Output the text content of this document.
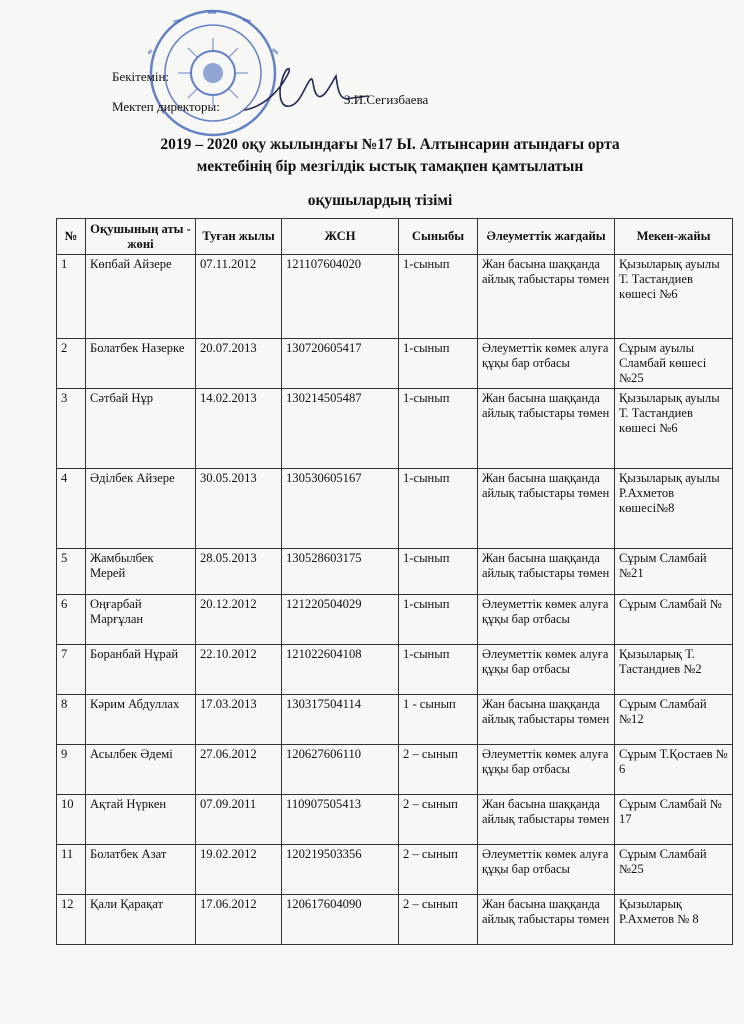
Бекітемін:
Мектеп директоры:	З.И.Сегизбаева
2019 – 2020 оқу жылындағы №17 Ы. Алтынсарин атындағы орта
мектебінің бір мезгілдік ыстық тамақпен қамтылатын
оқушылардың тізімі
№	Оқушының аты - жөні	Туған жылы	ЖСН	Сыныбы	Әлеуметтік жағдайы	Мекен-жайы
1	Көпбай Айзере	07.11.2012	121107604020	1-сынып	Жан басына шаққанда айлық табыстары төмен	Қызыларық ауылы Т. Тастандиев көшесі №6
2	Болатбек Назерке	20.07.2013	130720605417	1-сынып	Әлеуметтік көмек алуға құқы бар отбасы	Сұрым ауылы Сламбай көшесі №25
3	Сәтбай Нұр	14.02.2013	130214505487	1-сынып	Жан басына шаққанда айлық табыстары төмен	Қызыларық ауылы Т. Тастандиев көшесі №6
4	Әділбек Айзере	30.05.2013	130530605167	1-сынып	Жан басына шаққанда айлық табыстары төмен	Қызыларық ауылы Р.Ахметов көшесі№8
5	Жамбылбек Мерей	28.05.2013	130528603175	1-сынып	Жан басына шаққанда айлық табыстары төмен	Сұрым Сламбай №21
6	Оңғарбай Марғұлан	20.12.2012	121220504029	1-сынып	Әлеуметтік көмек алуға құқы бар отбасы	Сұрым Сламбай №
7	Боранбай Нұрай	22.10.2012	121022604108	1-сынып	Әлеуметтік көмек алуға құқы бар отбасы	Қызыларық Т. Тастандиев №2
8	Кәрим Абдуллах	17.03.2013	130317504114	1 - сынып	Жан басына шаққанда айлық табыстары төмен	Сұрым Сламбай №12
9	Асылбек Әдемі	27.06.2012	120627606110	2 – сынып	Әлеуметтік көмек алуға құқы бар отбасы	Сұрым Т.Қостаев № 6
10	Ақтай Нүркен	07.09.2011	110907505413	2 – сынып	Жан басына шаққанда айлық табыстары төмен	Сұрым Сламбай № 17
11	Болатбек Азат	19.02.2012	120219503356	2 – сынып	Әлеуметтік көмек алуға құқы бар отбасы	Сұрым Сламбай №25
12	Қали Қарақат	17.06.2012	120617604090	2 – сынып	Жан басына шаққанда айлық табыстары төмен	Қызыларық Р.Ахметов № 8
